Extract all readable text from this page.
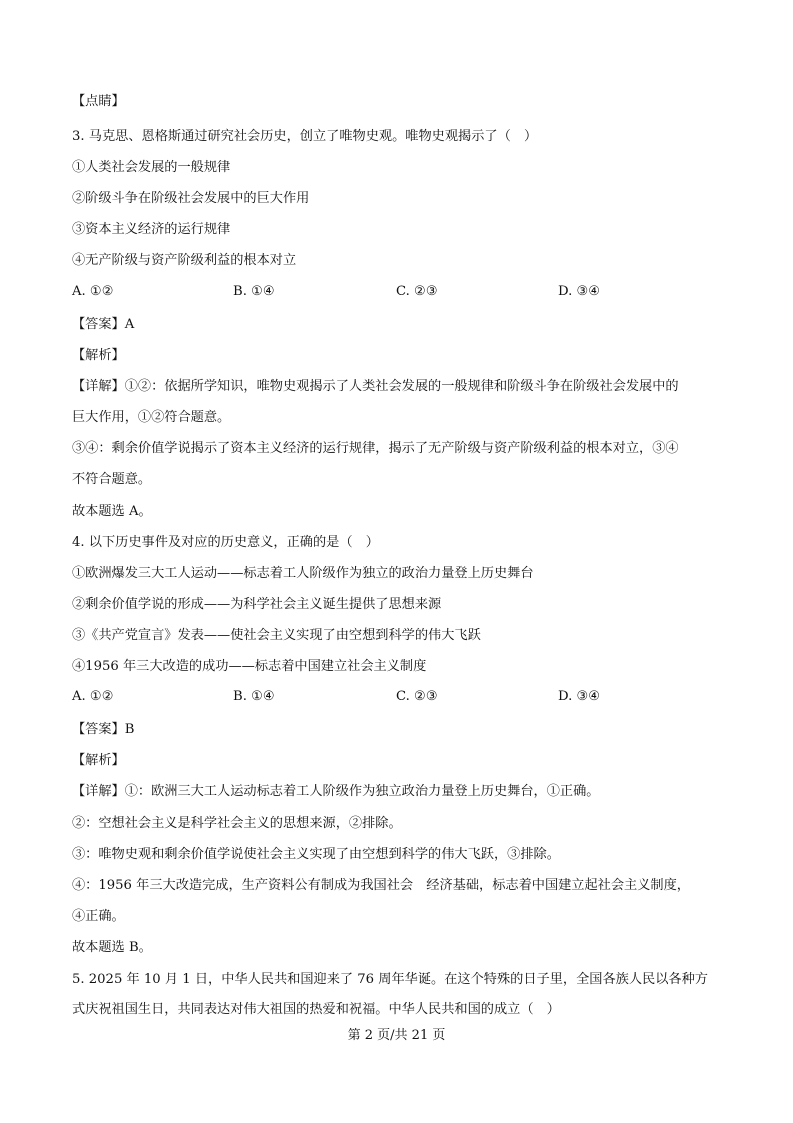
【点睛】
3. 马克思、恩格斯通过研究社会历史，创立了唯物史观。唯物史观揭示了（　）
①人类社会发展的一般规律
②阶级斗争在阶级社会发展中的巨大作用
③资本主义经济的运行规律
④无产阶级与资产阶级利益的根本对立
A. ①②	B. ①④	C. ②③	D. ③④
【答案】A
【解析】
【详解】①②：依据所学知识，唯物史观揭示了人类社会发展的一般规律和阶级斗争在阶级社会发展中的
巨大作用，①②符合题意。
③④：剩余价值学说揭示了资本主义经济的运行规律，揭示了无产阶级与资产阶级利益的根本对立，③④
不符合题意。
故本题选 A。
4. 以下历史事件及对应的历史意义，正确的是（　）
①欧洲爆发三大工人运动——标志着工人阶级作为独立的政治力量登上历史舞台
②剩余价值学说的形成——为科学社会主义诞生提供了思想来源
③《共产党宣言》发表——使社会主义实现了由空想到科学的伟大飞跃
④1956 年三大改造的成功——标志着中国建立社会主义制度
A. ①②	B. ①④	C. ②③	D. ③④
【答案】B
【解析】
【详解】①：欧洲三大工人运动标志着工人阶级作为独立政治力量登上历史舞台，①正确。
②：空想社会主义是科学社会主义的思想来源，②排除。
③：唯物史观和剩余价值学说使社会主义实现了由空想到科学的伟大飞跃，③排除。
④：1956 年三大改造完成，生产资料公有制成为我国社会　经济基础，标志着中国建立起社会主义制度，
④正确。
故本题选 B。
5. 2025 年 10 月 1 日，中华人民共和国迎来了 76 周年华诞。在这个特殊的日子里，全国各族人民以各种方
式庆祝祖国生日，共同表达对伟大祖国的热爱和祝福。中华人民共和国的成立（　）
第 2 页/共 21 页
